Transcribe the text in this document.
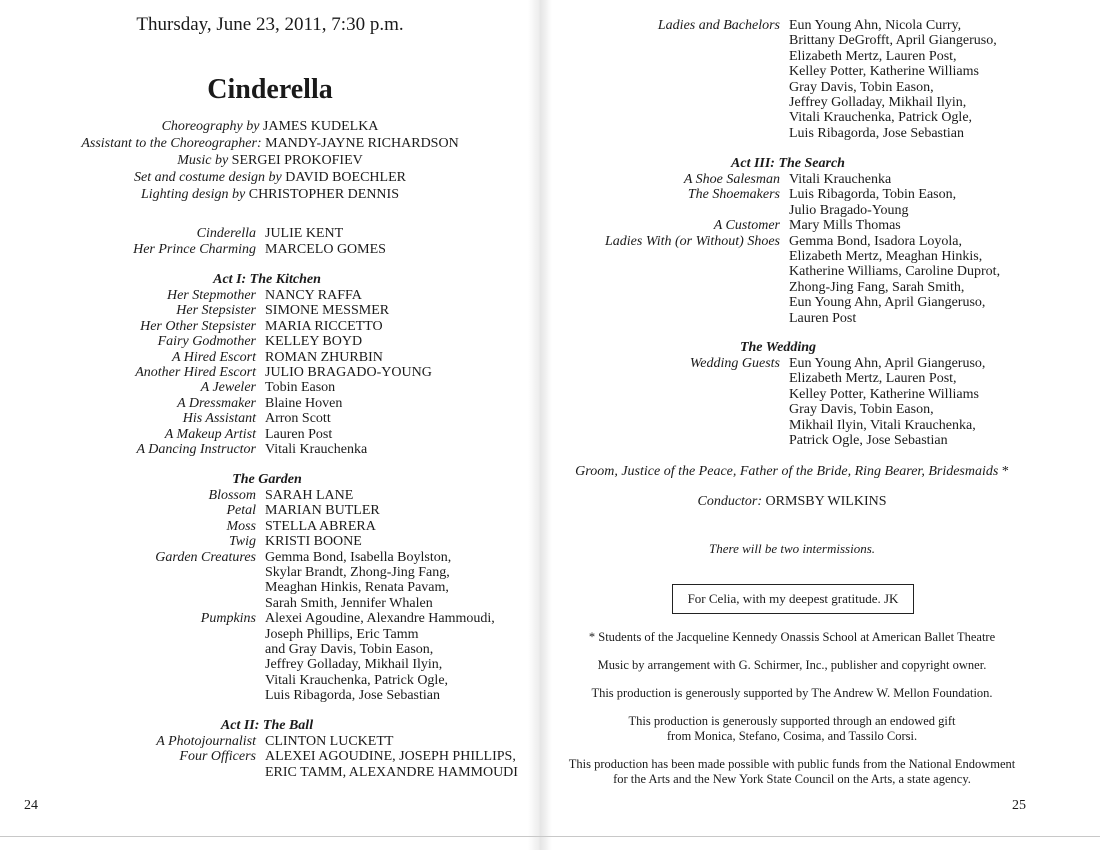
Thursday, June 23, 2011, 7:30 p.m.
Cinderella
Choreography by JAMES KUDELKA
Assistant to the Choreographer: MANDY-JAYNE RICHARDSON
Music by SERGEI PROKOFIEV
Set and costume design by DAVID BOECHLER
Lighting design by CHRISTOPHER DENNIS
Cinderella JULIE KENT
Her Prince Charming MARCELO GOMES
Act I: The Kitchen
Her Stepmother NANCY RAFFA
Her Stepsister SIMONE MESSMER
Her Other Stepsister MARIA RICCETTO
Fairy Godmother KELLEY BOYD
A Hired Escort ROMAN ZHURBIN
Another Hired Escort JULIO BRAGADO-YOUNG
A Jeweler Tobin Eason
A Dressmaker Blaine Hoven
His Assistant Arron Scott
A Makeup Artist Lauren Post
A Dancing Instructor Vitali Krauchenka
The Garden
Blossom SARAH LANE
Petal MARIAN BUTLER
Moss STELLA ABRERA
Twig KRISTI BOONE
Garden Creatures Gemma Bond, Isabella Boylston,
Skylar Brandt, Zhong-Jing Fang,
Meaghan Hinkis, Renata Pavam,
Sarah Smith, Jennifer Whalen
Pumpkins Alexei Agoudine, Alexandre Hammoudi,
Joseph Phillips, Eric Tamm
and Gray Davis, Tobin Eason,
Jeffrey Golladay, Mikhail Ilyin,
Vitali Krauchenka, Patrick Ogle,
Luis Ribagorda, Jose Sebastian
Act II: The Ball
A Photojournalist CLINTON LUCKETT
Four Officers ALEXEI AGOUDINE, JOSEPH PHILLIPS,
ERIC TAMM, ALEXANDRE HAMMOUDI
24
Ladies and Bachelors Eun Young Ahn, Nicola Curry,
Brittany DeGrofft, April Giangeruso,
Elizabeth Mertz, Lauren Post,
Kelley Potter, Katherine Williams
Gray Davis, Tobin Eason,
Jeffrey Golladay, Mikhail Ilyin,
Vitali Krauchenka, Patrick Ogle,
Luis Ribagorda, Jose Sebastian
Act III: The Search
A Shoe Salesman Vitali Krauchenka
The Shoemakers Luis Ribagorda, Tobin Eason,
Julio Bragado-Young
A Customer Mary Mills Thomas
Ladies With (or Without) Shoes Gemma Bond, Isadora Loyola,
Elizabeth Mertz, Meaghan Hinkis,
Katherine Williams, Caroline Duprot,
Zhong-Jing Fang, Sarah Smith,
Eun Young Ahn, April Giangeruso,
Lauren Post
The Wedding
Wedding Guests Eun Young Ahn, April Giangeruso,
Elizabeth Mertz, Lauren Post,
Kelley Potter, Katherine Williams
Gray Davis, Tobin Eason,
Mikhail Ilyin, Vitali Krauchenka,
Patrick Ogle, Jose Sebastian
Groom, Justice of the Peace, Father of the Bride, Ring Bearer, Bridesmaids *
Conductor: ORMSBY WILKINS
There will be two intermissions.
For Celia, with my deepest gratitude. JK
* Students of the Jacqueline Kennedy Onassis School at American Ballet Theatre
Music by arrangement with G. Schirmer, Inc., publisher and copyright owner.
This production is generously supported by The Andrew W. Mellon Foundation.
This production is generously supported through an endowed gift
from Monica, Stefano, Cosima, and Tassilo Corsi.
This production has been made possible with public funds from the National Endowment
for the Arts and the New York State Council on the Arts, a state agency.
25
